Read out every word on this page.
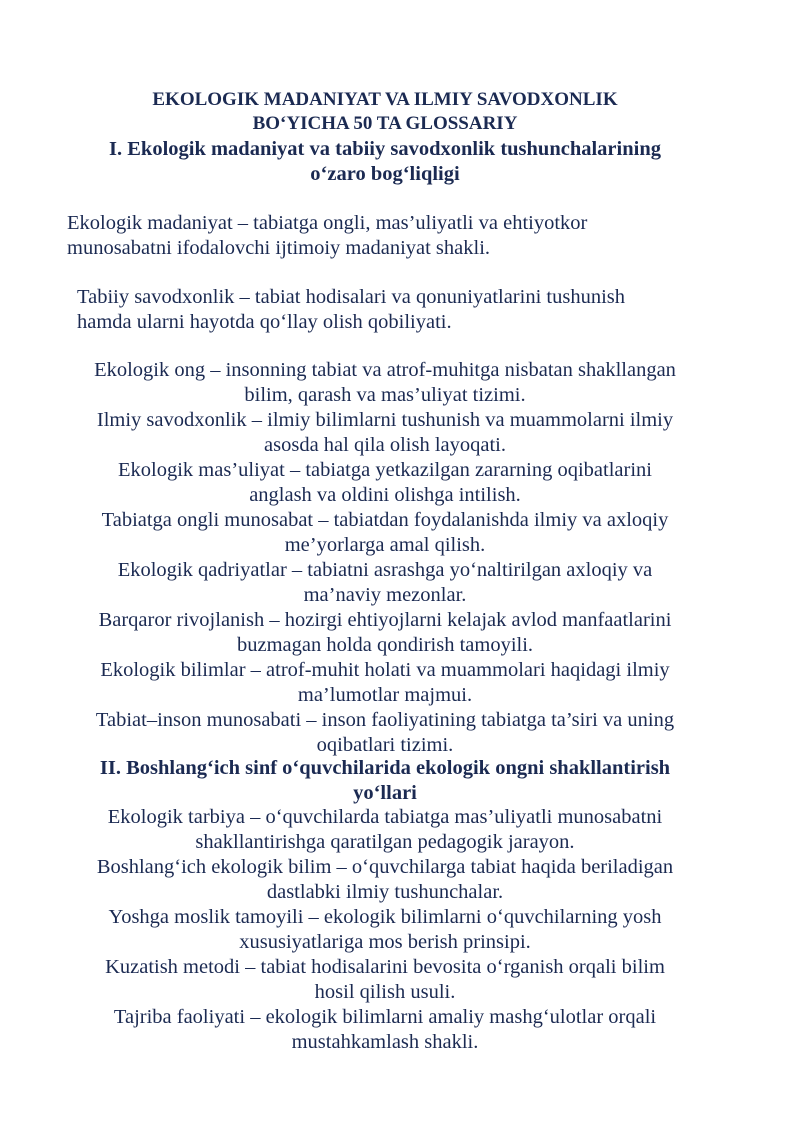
EKOLOGIK MADANIYAT VA ILMIY SAVODXONLIK
BO‘YICHA 50 TA GLOSSARIY
I. Ekologik madaniyat va tabiiy savodxonlik tushunchalarining
o‘zaro bog‘liqligi
Ekologik madaniyat – tabiatga ongli, mas’uliyatli va ehtiyotkor
munosabatni ifodalovchi ijtimoiy madaniyat shakli.
Tabiiy savodxonlik – tabiat hodisalari va qonuniyatlarini tushunish
hamda ularni hayotda qo‘llay olish qobiliyati.
Ekologik ong – insonning tabiat va atrof-muhitga nisbatan shakllangan
bilim, qarash va mas’uliyat tizimi.
Ilmiy savodxonlik – ilmiy bilimlarni tushunish va muammolarni ilmiy
asosda hal qila olish layoqati.
Ekologik mas’uliyat – tabiatga yetkazilgan zararning oqibatlarini
anglash va oldini olishga intilish.
Tabiatga ongli munosabat – tabiatdan foydalanishda ilmiy va axloqiy
me’yorlarga amal qilish.
Ekologik qadriyatlar – tabiatni asrashga yo‘naltirilgan axloqiy va
ma’naviy mezonlar.
Barqaror rivojlanish – hozirgi ehtiyojlarni kelajak avlod manfaatlarini
buzmagan holda qondirish tamoyili.
Ekologik bilimlar – atrof-muhit holati va muammolari haqidagi ilmiy
ma’lumotlar majmui.
Tabiat–inson munosabati – inson faoliyatining tabiatga ta’siri va uning
oqibatlari tizimi.
II. Boshlang‘ich sinf o‘quvchilarida ekologik ongni shakllantirish
yo‘llari
Ekologik tarbiya – o‘quvchilarda tabiatga mas’uliyatli munosabatni
shakllantirishga qaratilgan pedagogik jarayon.
Boshlang‘ich ekologik bilim – o‘quvchilarga tabiat haqida beriladigan
dastlabki ilmiy tushunchalar.
Yoshga moslik tamoyili – ekologik bilimlarni o‘quvchilarning yosh
xususiyatlariga mos berish prinsipi.
Kuzatish metodi – tabiat hodisalarini bevosita o‘rganish orqali bilim
hosil qilish usuli.
Tajriba faoliyati – ekologik bilimlarni amaliy mashg‘ulotlar orqali
mustahkamlash shakli.
